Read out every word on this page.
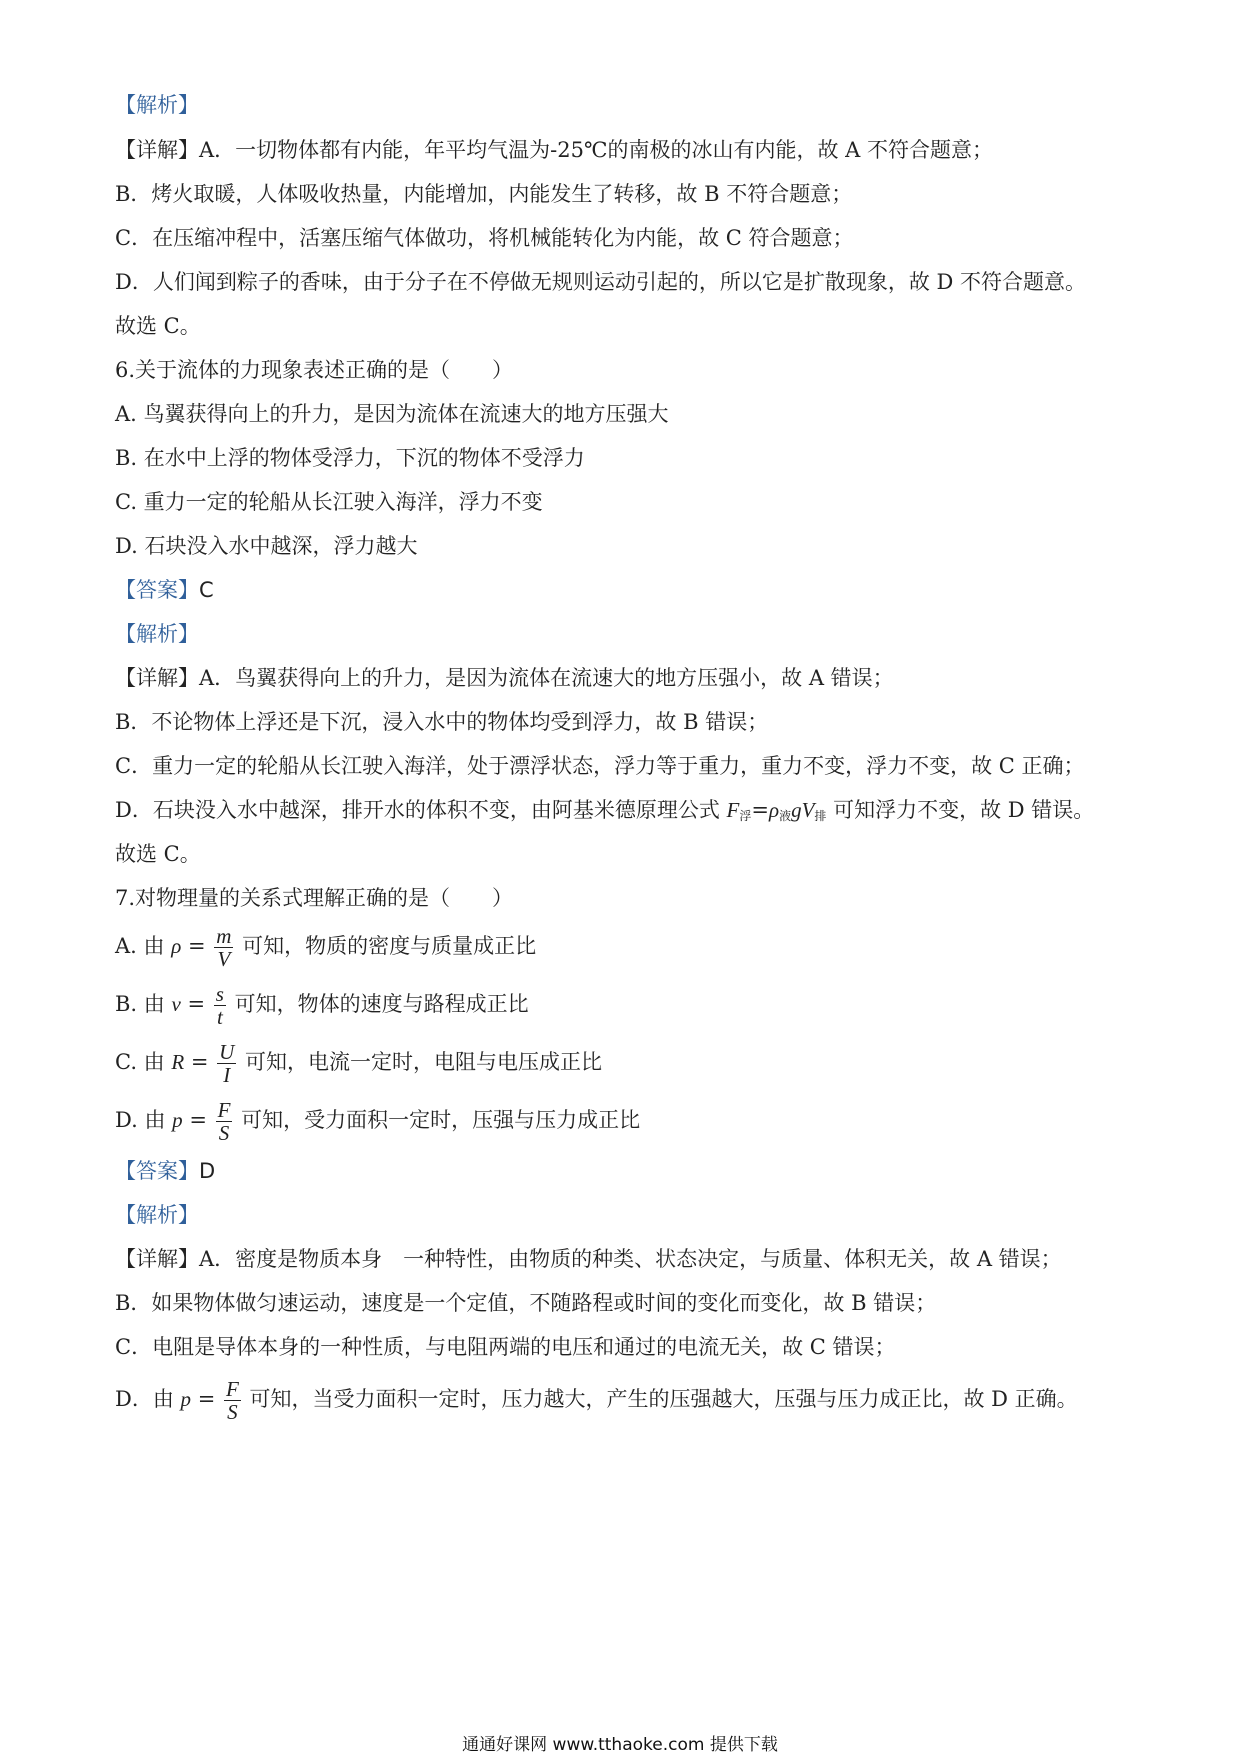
【解析】
【详解】A．一切物体都有内能，年平均气温为-25℃的南极的冰山有内能，故 A 不符合题意；
B．烤火取暖，人体吸收热量，内能增加，内能发生了转移，故 B 不符合题意；
C．在压缩冲程中，活塞压缩气体做功，将机械能转化为内能，故 C 符合题意；
D．人们闻到粽子的香味，由于分子在不停做无规则运动引起的，所以它是扩散现象，故 D 不符合题意。
故选 C。
6.关于流体的力现象表述正确的是（　　）
A. 鸟翼获得向上的升力，是因为流体在流速大的地方压强大
B. 在水中上浮的物体受浮力，下沉的物体不受浮力
C. 重力一定的轮船从长江驶入海洋，浮力不变
D. 石块没入水中越深，浮力越大
【答案】C
【解析】
【详解】A．鸟翼获得向上的升力，是因为流体在流速大的地方压强小，故 A 错误；
B．不论物体上浮还是下沉，浸入水中的物体均受到浮力，故 B 错误；
C．重力一定的轮船从长江驶入海洋，处于漂浮状态，浮力等于重力，重力不变，浮力不变，故 C 正确；
D．石块没入水中越深，排开水的体积不变，由阿基米德原理公式 $F_浮=\rho_液gV_排$ 可知浮力不变，故 D 错误。
故选 C。
7.对物理量的关系式理解正确的是（　　）
A. 由 $\rho = \frac{m}{V}$ 可知，物质的密度与质量成正比
B. 由 $v = \frac{s}{t}$ 可知，物体的速度与路程成正比
C. 由 $R = \frac{U}{I}$ 可知，电流一定时，电阻与电压成正比
D. 由 $p = \frac{F}{S}$ 可知，受力面积一定时，压强与压力成正比
【答案】D
【解析】
【详解】A．密度是物质本身　一种特性，由物质的种类、状态决定，与质量、体积无关，故 A 错误；
B．如果物体做匀速运动，速度是一个定值，不随路程或时间的变化而变化，故 B 错误；
C．电阻是导体本身的一种性质，与电阻两端的电压和通过的电流无关，故 C 错误；
D．由 $p = \frac{F}{S}$ 可知，当受力面积一定时，压力越大，产生的压强越大，压强与压力成正比，故 D 正确。
通通好课网 www.tthaoke.com 提供下载
